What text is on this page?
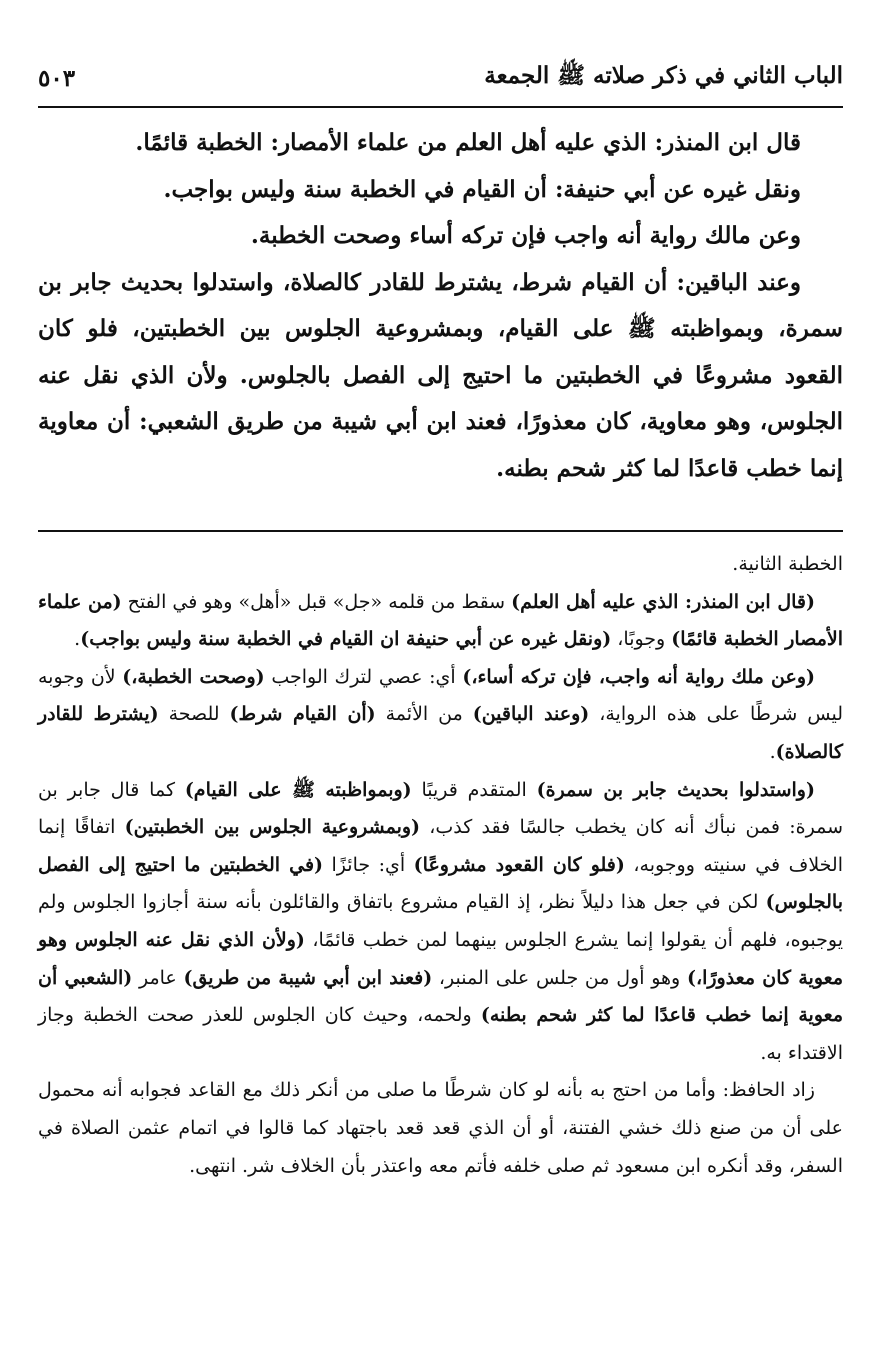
الباب الثاني في ذكر صلاته ﷺ الجمعة
٥٠٣

قال ابن المنذر: الذي عليه أهل العلم من علماء الأمصار: الخطبة قائمًا.

ونقل غيره عن أبي حنيفة: أن القيام في الخطبة سنة وليس بواجب.

وعن مالك رواية أنه واجب فإن تركه أساء وصحت الخطبة.

وعند الباقين: أن القيام شرط، يشترط للقادر كالصلاة، واستدلوا بحديث جابر بن سمرة، وبمواظبته ﷺ على القيام، وبمشروعية الجلوس بين الخطبتين، فلو كان القعود مشروعًا في الخطبتين ما احتيج إلى الفصل بالجلوس. ولأن الذي نقل عنه الجلوس، وهو معاوية، كان معذورًا، فعند ابن أبي شيبة من طريق الشعبي: أن معاوية إنما خطب قاعدًا لما كثر شحم بطنه.

الخطبة الثانية.

(قال ابن المنذر: الذي عليه أهل العلم) سقط من قلمه «جل» قبل «أهل» وهو في الفتح (من علماء الأمصار الخطبة قائمًا) وجوبًا، (ونقل غيره عن أبي حنيفة ان القيام في الخطبة سنة وليس بواجب).

(وعن ملك رواية أنه واجب، فإن تركه أساء،) أي: عصي لترك الواجب (وصحت الخطبة،) لأن وجوبه ليس شرطًا على هذه الرواية، (وعند الباقين) من الأئمة (أن القيام شرط) للصحة (يشترط للقادر كالصلاة).

(واستدلوا بحديث جابر بن سمرة) المتقدم قريبًا (وبمواظبته ﷺ على القيام) كما قال جابر بن سمرة: فمن نبأك أنه كان يخطب جالسًا فقد كذب، (وبمشروعية الجلوس بين الخطبتين) اتفاقًا إنما الخلاف في سنيته ووجوبه، (فلو كان القعود مشروعًا) أي: جائزًا (في الخطبتين ما احتيج إلى الفصل بالجلوس) لكن في جعل هذا دليلاً نظر، إذ القيام مشروع باتفاق والقائلون بأنه سنة أجازوا الجلوس ولم يوجبوه، فلهم أن يقولوا إنما يشرع الجلوس بينهما لمن خطب قائمًا، (ولأن الذي نقل عنه الجلوس وهو معوية كان معذورًا،) وهو أول من جلس على المنبر، (فعند ابن أبي شيبة من طريق) عامر (الشعبي أن معوية إنما خطب قاعدًا لما كثر شحم بطنه) ولحمه، وحيث كان الجلوس للعذر صحت الخطبة وجاز الاقتداء به.

زاد الحافظ: وأما من احتج به بأنه لو كان شرطًا ما صلى من أنكر ذلك مع القاعد فجوابه أنه محمول على أن من صنع ذلك خشي الفتنة، أو أن الذي قعد قعد باجتهاد كما قالوا في اتمام عثمن الصلاة في السفر، وقد أنكره ابن مسعود ثم صلى خلفه فأتم معه واعتذر بأن الخلاف شر. انتهى.
